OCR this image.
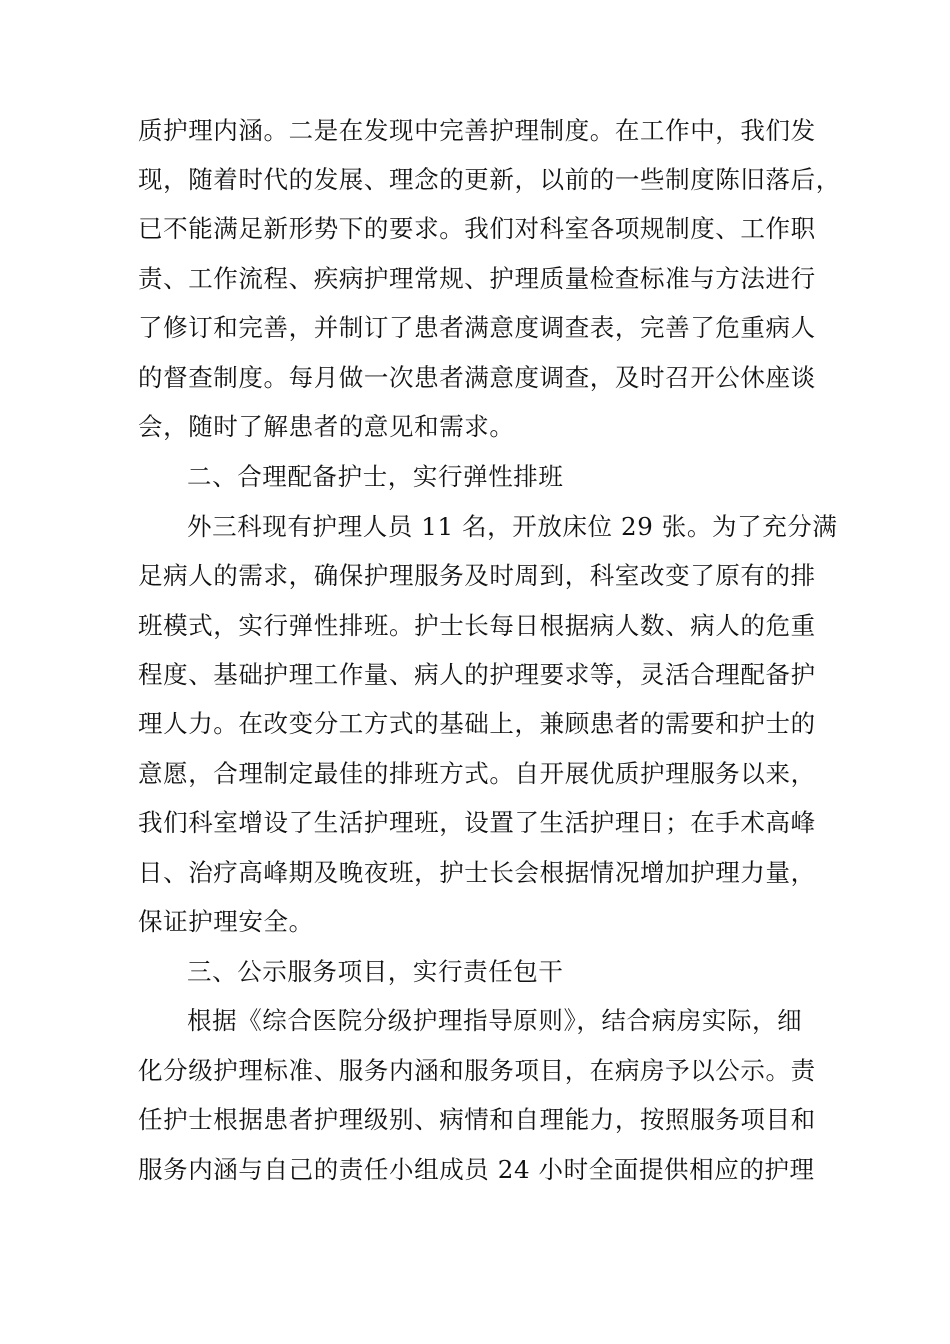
质护理内涵。二是在发现中完善护理制度。在工作中，我们发
现，随着时代的发展、理念的更新，以前的一些制度陈旧落后，
已不能满足新形势下的要求。我们对科室各项规制度、工作职
责、工作流程、疾病护理常规、护理质量检查标准与方法进行
了修订和完善，并制订了患者满意度调查表，完善了危重病人
的督查制度。每月做一次患者满意度调查，及时召开公休座谈
会，随时了解患者的意见和需求。
二、合理配备护士，实行弹性排班
外三科现有护理人员 11 名，开放床位 29 张。为了充分满
足病人的需求，确保护理服务及时周到，科室改变了原有的排
班模式，实行弹性排班。护士长每日根据病人数、病人的危重
程度、基础护理工作量、病人的护理要求等，灵活合理配备护
理人力。在改变分工方式的基础上，兼顾患者的需要和护士的
意愿，合理制定最佳的排班方式。自开展优质护理服务以来，
我们科室增设了生活护理班，设置了生活护理日；在手术高峰
日、治疗高峰期及晚夜班，护士长会根据情况增加护理力量，
保证护理安全。
三、公示服务项目，实行责任包干
根据《综合医院分级护理指导原则》，结合病房实际，细
化分级护理标准、服务内涵和服务项目，在病房予以公示。责
任护士根据患者护理级别、病情和自理能力，按照服务项目和
服务内涵与自己的责任小组成员 24 小时全面提供相应的护理
